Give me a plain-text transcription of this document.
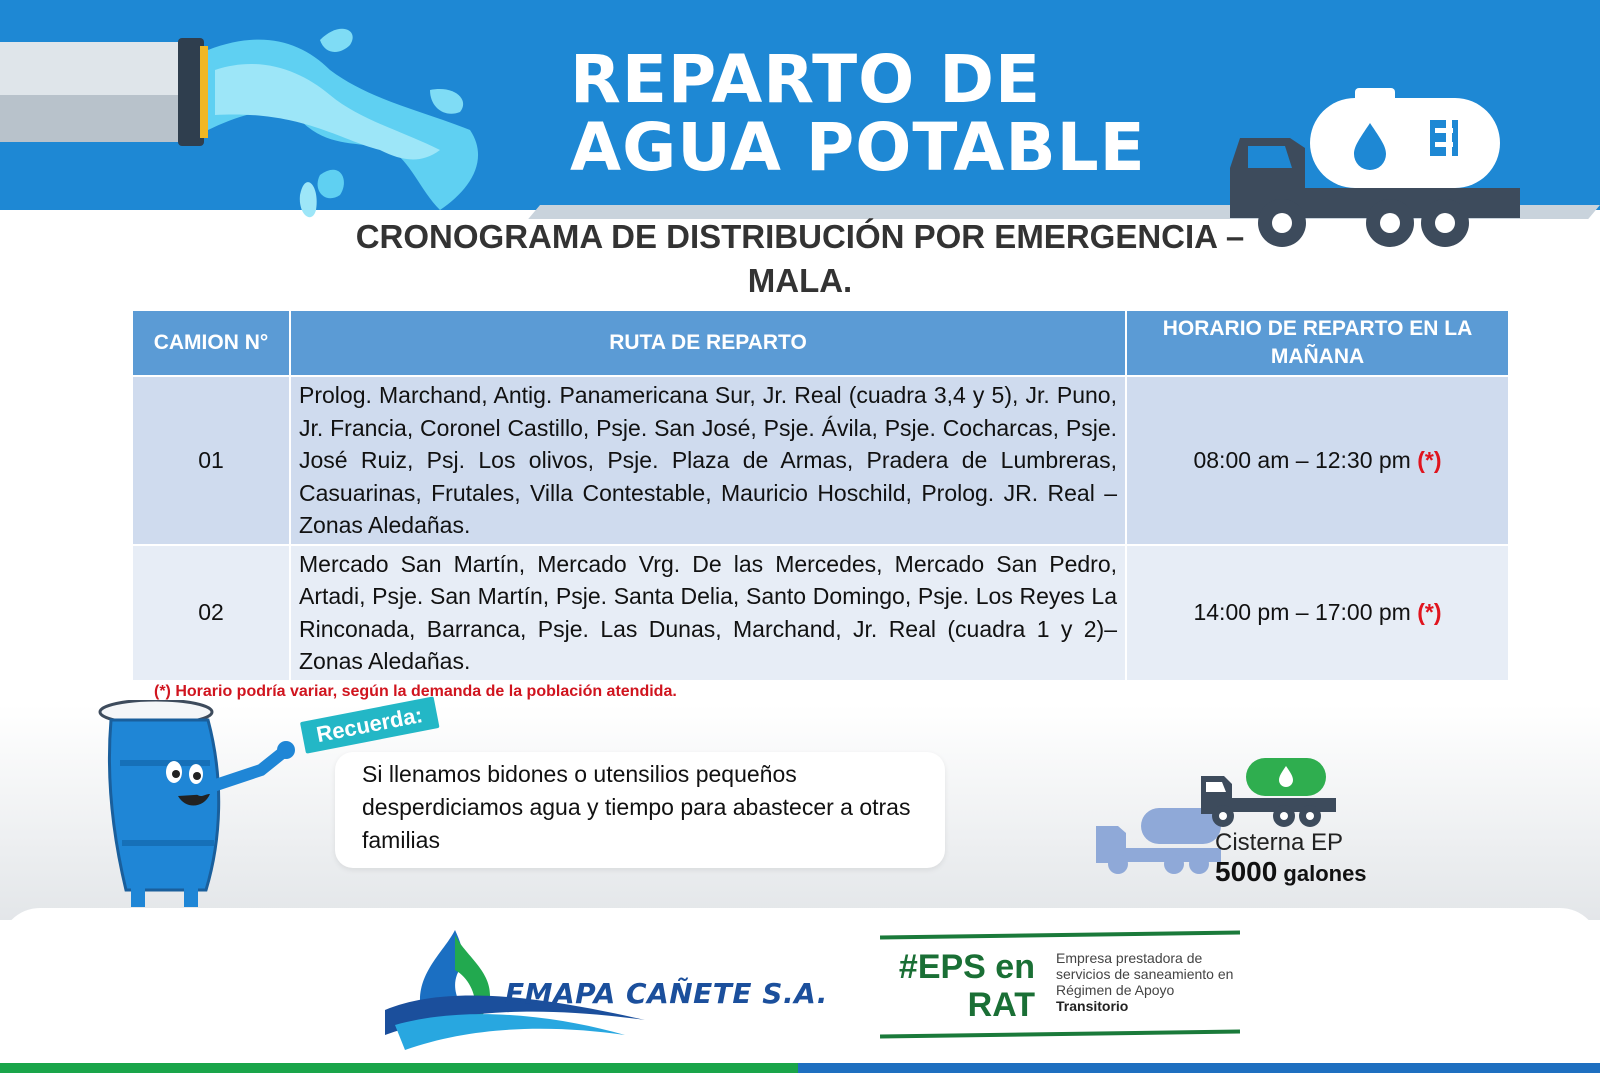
REPARTO DE
AGUA POTABLE
CRONOGRAMA DE DISTRIBUCIÓN POR EMERGENCIA –
MALA.
CAMION N°	RUTA DE REPARTO	HORARIO DE REPARTO EN LA MAÑANA
01	Prolog. Marchand, Antig. Panamericana Sur, Jr. Real (cuadra 3,4 y 5), Jr. Puno, Jr. Francia, Coronel Castillo, Psje. San José, Psje. Ávila, Psje. Cocharcas, Psje. José Ruiz, Psj. Los olivos, Psje. Plaza de Armas, Pradera de Lumbreras, Casuarinas, Frutales, Villa Contestable, Mauricio Hoschild, Prolog. JR. Real – Zonas Aledañas.	08:00 am – 12:30 pm (*)
02	Mercado San Martín, Mercado Vrg. De las Mercedes, Mercado San Pedro, Artadi, Psje. San Martín, Psje. Santa Delia, Santo Domingo, Psje. Los Reyes La Rinconada, Barranca, Psje. Las Dunas, Marchand, Jr. Real (cuadra 1 y 2)– Zonas Aledañas.	14:00 pm – 17:00 pm (*)
(*) Horario podría variar, según la demanda de la población atendida.
Si llenamos bidones o utensilios pequeños desperdiciamos agua y tiempo para abastecer a otras familias
Recuerda:
Cisterna EP
5000 galones
EMAPA CAÑETE S.A.
#EPS en
RAT
Empresa prestadora de servicios de saneamiento en Régimen de Apoyo
Transitorio
